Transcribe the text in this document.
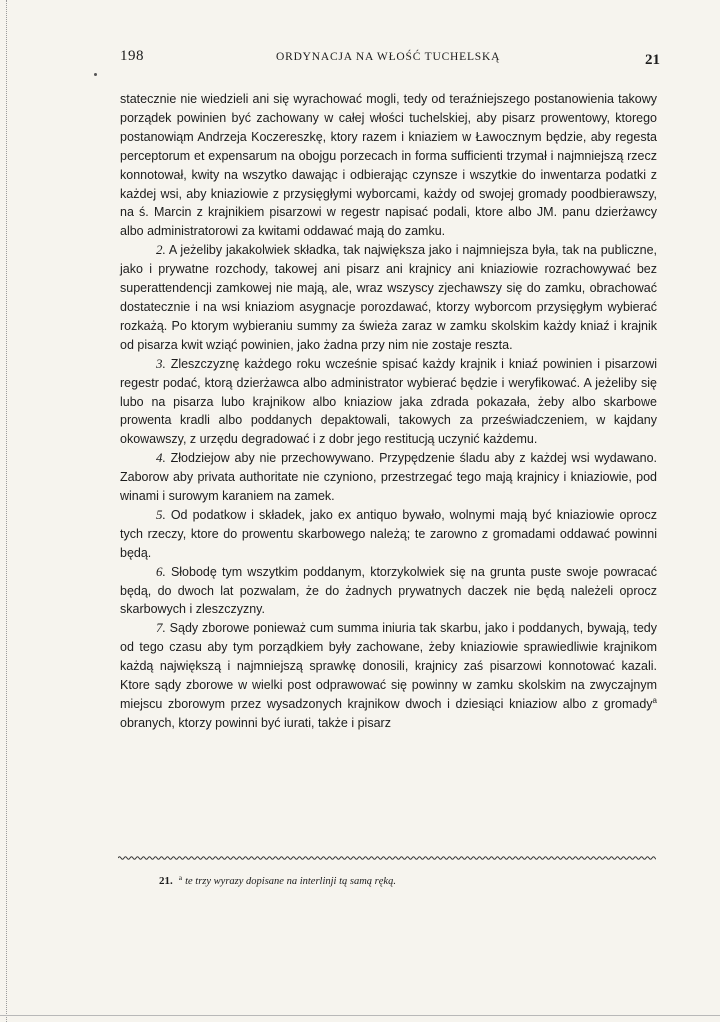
198	ORDYNACJA NA WŁOŚĆ TUCHELSKĄ	21

statecznie nie wiedzieli ani się wyrachować mogli, tedy od teraźniejszego postanowienia takowy porządek powinien być zachowany w całej włości tuchelskiej, aby pisarz prowentowy, ktorego postanowiąm Andrzeja Koczereszkę, ktory razem i kniaziem w Ławocznym będzie, aby regesta perceptorum et expensarum na obojgu porzecach in forma sufficienti trzymał i najmniejszą rzecz konnotował, kwity na wszytko dawając i odbierając czynsze i wszytkie do inwentarza podatki z każdej wsi, aby kniaziowie z przysięgłymi wyborcami, każdy od swojej gromady poodbierawszy, na ś. Marcin z krajnikiem pisarzowi w regestr napisać podali, ktore albo JM. panu dzierżawcy albo administratorowi za kwitami oddawać mają do zamku.

2. A jeżeliby jakakolwiek składka, tak największa jako i najmniejsza była, tak na publiczne, jako i prywatne rozchody, takowej ani pisarz ani krajnicy ani kniaziowie rozrachowywać bez superattendencji zamkowej nie mają, ale, wraz wszyscy zjechawszy się do zamku, obrachować dostatecznie i na wsi kniaziom asygnacje porozdawać, ktorzy wyborcom przysięgłym wybierać rozkażą. Po ktorym wybieraniu summy za świeża zaraz w zamku skolskim każdy kniaź i krajnik od pisarza kwit wziąć powinien, jako żadna przy nim nie zostaje reszta.

3. Zleszczyznę każdego roku wcześnie spisać każdy krajnik i kniaź powinien i pisarzowi regestr podać, ktorą dzierżawca albo administrator wybierać będzie i weryfikować. A jeżeliby się lubo na pisarza lubo krajnikow albo kniaziow jaka zdrada pokazała, żeby albo skarbowe prowenta kradli albo poddanych depaktowali, takowych za przeświadczeniem, w kajdany okowawszy, z urzędu degradować i z dobr jego restitucją uczynić każdemu.

4. Złodziejow aby nie przechowywano. Przypędzenie śladu aby z każdej wsi wydawano. Zaborow aby privata authoritate nie czyniono, przestrzegać tego mają krajnicy i kniaziowie, pod winami i surowym karaniem na zamek.

5. Od podatkow i składek, jako ex antiquo bywało, wolnymi mają być kniaziowie oprocz tych rzeczy, ktore do prowentu skarbowego należą; te zarowno z gromadami oddawać powinni będą.

6. Słobodę tym wszytkim poddanym, ktorzykolwiek się na grunta puste swoje powracać będą, do dwoch lat pozwalam, że do żadnych prywatnych daczek nie będą należeli oprocz skarbowych i zleszczyzny.

7. Sądy zborowe ponieważ cum summa iniuria tak skarbu, jako i poddanych, bywają, tedy od tego czasu aby tym porządkiem były zachowane, żeby kniaziowie sprawiedliwie krajnikom każdą największą i najmniejszą sprawkę donosili, krajnicy zaś pisarzowi konnotować kazali. Ktore sądy zborowe w wielki post odprawować się powinny w zamku skolskim na zwyczajnym miejscu zborowym przez wysadzonych krajnikow dwoch i dziesiąci kniaziow albo z gromady$^a$ obranych, ktorzy powinni być iurati, także i pisarz

21. $^a$ te trzy wyrazy dopisane na interlinji tą samą ręką.
